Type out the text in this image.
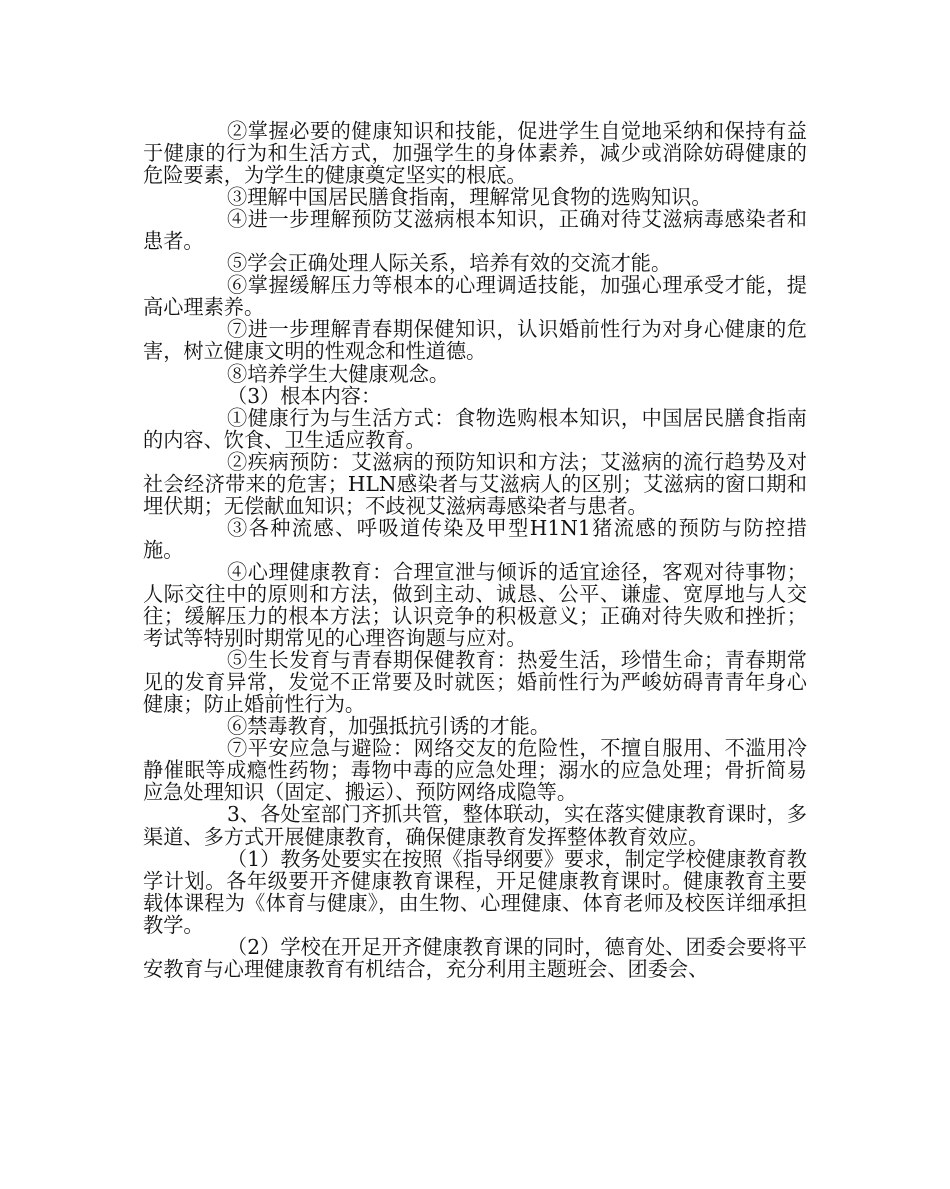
②掌握必要的健康知识和技能，促进学生自觉地采纳和保持有益于健康的行为和生活方式，加强学生的身体素养，减少或消除妨碍健康的危险要素，为学生的健康奠定坚实的根底。

③理解中国居民膳食指南，理解常见食物的选购知识。

④进一步理解预防艾滋病根本知识，正确对待艾滋病毒感染者和患者。

⑤学会正确处理人际关系，培养有效的交流才能。

⑥掌握缓解压力等根本的心理调适技能，加强心理承受才能，提高心理素养。

⑦进一步理解青春期保健知识，认识婚前性行为对身心健康的危害，树立健康文明的性观念和性道德。

⑧培养学生大健康观念。

（3）根本内容：

①健康行为与生活方式：食物选购根本知识，中国居民膳食指南的内容、饮食、卫生适应教育。

②疾病预防：艾滋病的预防知识和方法；艾滋病的流行趋势及对社会经济带来的危害；HLN感染者与艾滋病人的区别；艾滋病的窗口期和埋伏期；无偿献血知识；不歧视艾滋病毒感染者与患者。

③各种流感、呼吸道传染及甲型H1N1猪流感的预防与防控措施。

④心理健康教育：合理宣泄与倾诉的适宜途径，客观对待事物；人际交往中的原则和方法，做到主动、诚恳、公平、谦虚、宽厚地与人交往；缓解压力的根本方法；认识竞争的积极意义；正确对待失败和挫折；考试等特别时期常见的心理咨询题与应对。

⑤生长发育与青春期保健教育：热爱生活，珍惜生命；青春期常见的发育异常，发觉不正常要及时就医；婚前性行为严峻妨碍青青年身心健康；防止婚前性行为。

⑥禁毒教育，加强抵抗引诱的才能。

⑦平安应急与避险：网络交友的危险性，不擅自服用、不滥用冷静催眠等成瘾性药物；毒物中毒的应急处理；溺水的应急处理；骨折简易应急处理知识（固定、搬运）、预防网络成隐等。

3、各处室部门齐抓共管，整体联动，实在落实健康教育课时，多渠道、多方式开展健康教育，确保健康教育发挥整体教育效应。

（1）教务处要实在按照《指导纲要》要求，制定学校健康教育教学计划。各年级要开齐健康教育课程，开足健康教育课时。健康教育主要载体课程为《体育与健康》，由生物、心理健康、体育老师及校医详细承担教学。

（2）学校在开足开齐健康教育课的同时，德育处、团委会要将平安教育与心理健康教育有机结合，充分利用主题班会、团委会、
